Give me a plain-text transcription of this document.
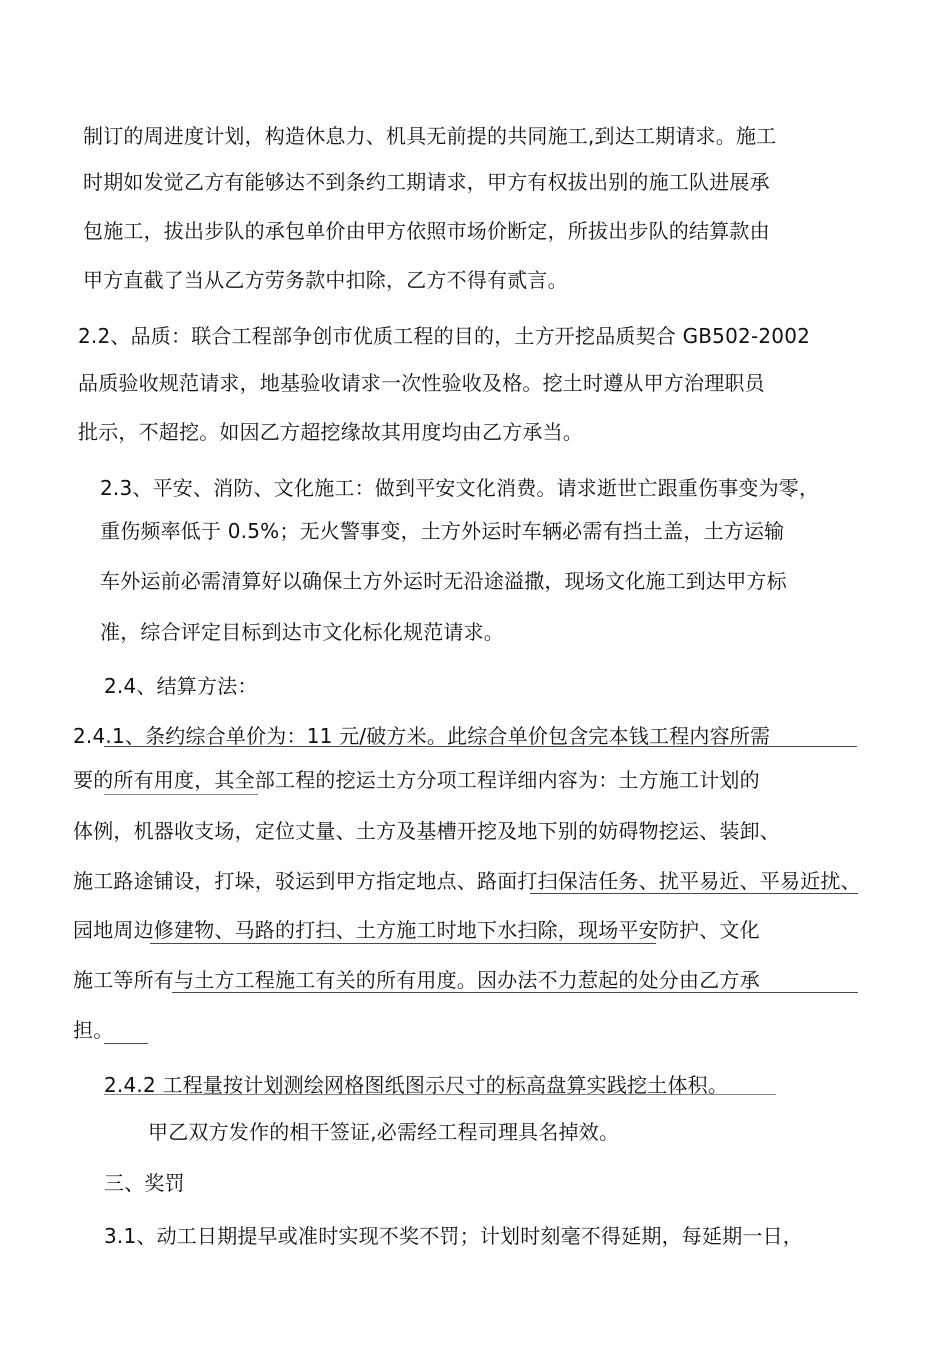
制订的周进度计划，构造休息力、机具无前提的共同施工,到达工期请求。施工
时期如发觉乙方有能够达不到条约工期请求，甲方有权拔出别的施工队进展承
包施工，拔出步队的承包单价由甲方依照市场价断定，所拔出步队的结算款由
甲方直截了当从乙方劳务款中扣除，乙方不得有贰言。
2.2、品质：联合工程部争创市优质工程的目的，土方开挖品质契合 GB502-2002
品质验收规范请求，地基验收请求一次性验收及格。挖土时遵从甲方治理职员
批示，不超挖。如因乙方超挖缘故其用度均由乙方承当。
2.3、平安、消防、文化施工：做到平安文化消费。请求逝世亡跟重伤事变为零，
重伤频率低于 0.5%；无火警事变，土方外运时车辆必需有挡土盖，土方运输
车外运前必需清算好以确保土方外运时无沿途溢撒，现场文化施工到达甲方标
准，综合评定目标到达市文化标化规范请求。
2.4、结算方法：
2.4.1、条约综合单价为：11 元/破方米。此综合单价包含完本钱工程内容所需
要的所有用度，其全部工程的挖运土方分项工程详细内容为：土方施工计划的
体例，机器收支场，定位丈量、土方及基槽开挖及地下别的妨碍物挖运、装卸、
施工路途铺设，打垛，驳运到甲方指定地点、路面打扫保洁任务、扰平易近、平易近扰、
园地周边修建物、马路的打扫、土方施工时地下水扫除，现场平安防护、文化
施工等所有与土方工程施工有关的所有用度。因办法不力惹起的处分由乙方承
担。
2.4.2 工程量按计划测绘网格图纸图示尺寸的标高盘算实践挖土体积。
甲乙双方发作的相干签证,必需经工程司理具名掉效。
三、奖罚
3.1、动工日期提早或准时实现不奖不罚；计划时刻毫不得延期，每延期一日，
